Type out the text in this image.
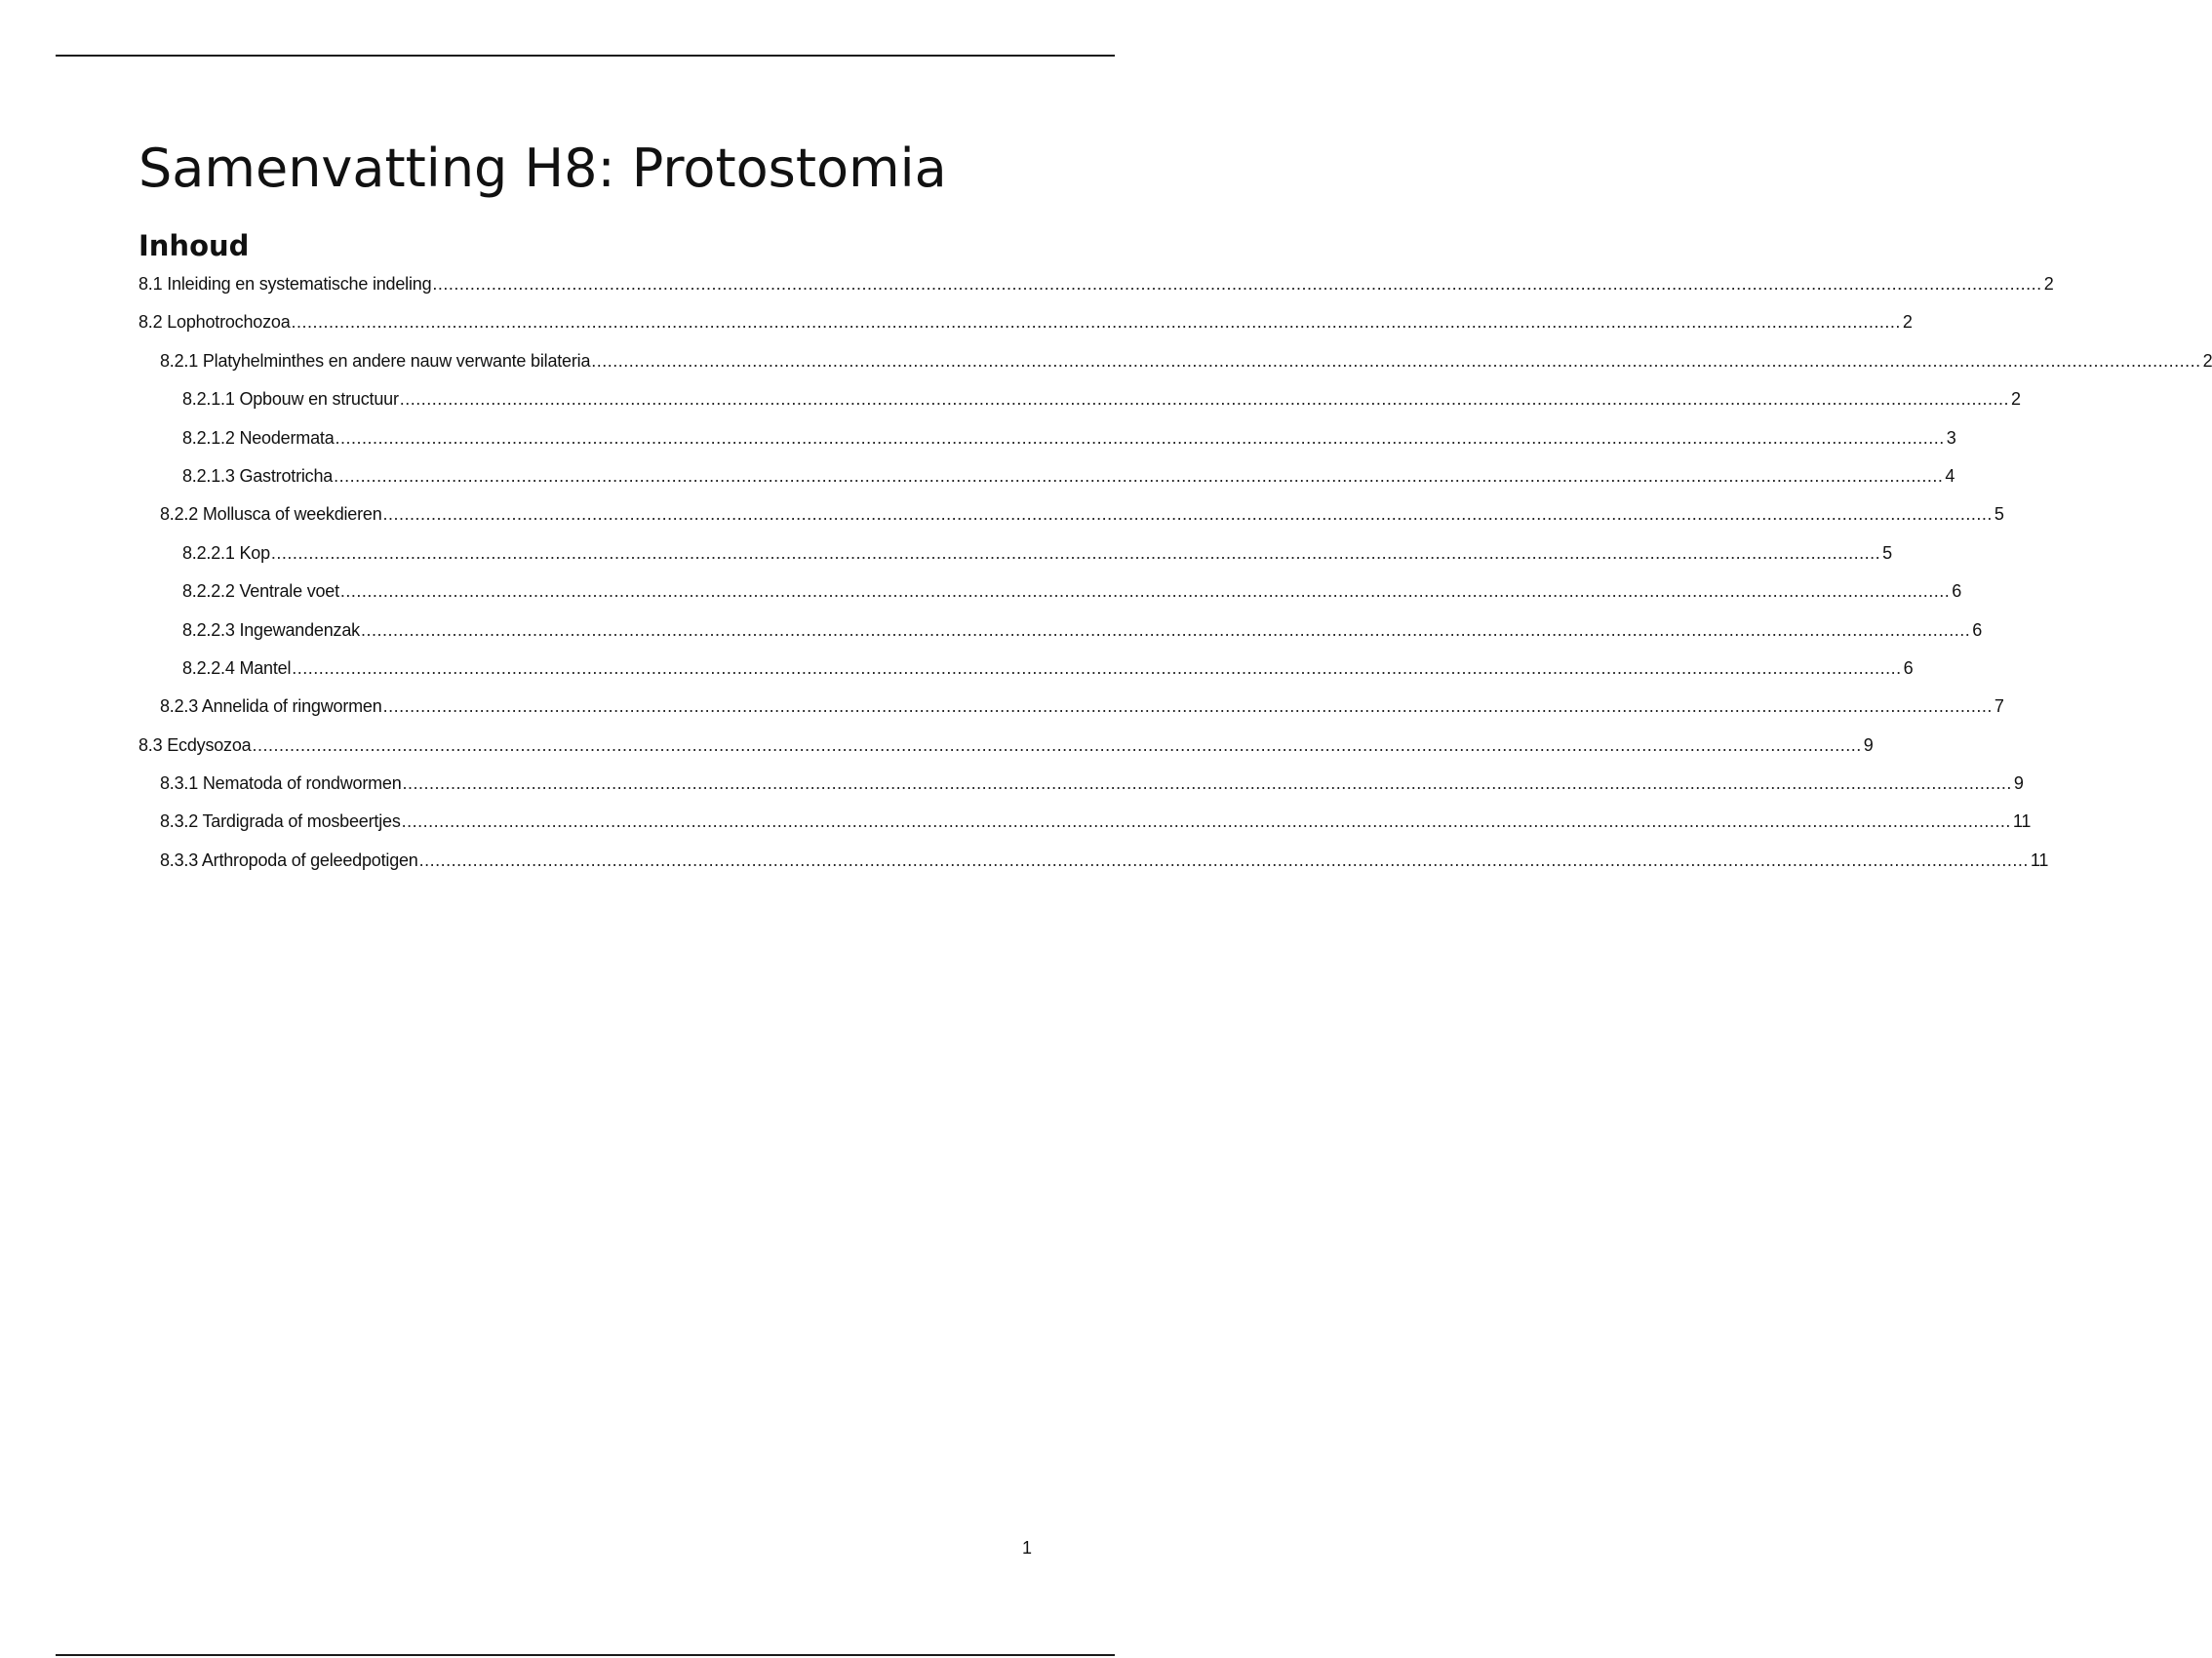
Samenvatting H8: Protostomia
Inhoud
8.1 Inleiding en systematische indeling ............................................................................................................................................................................................................................................................................................................ 2
8.2 Lophotrochozoa ............................................................................................................................................................................................................................................................................................................ 2
8.2.1 Platyhelminthes en andere nauw verwante bilateria ............................................................................................................................................................................................................................................................................................................ 2
8.2.1.1 Opbouw en structuur ............................................................................................................................................................................................................................................................................................................ 2
8.2.1.2 Neodermata ............................................................................................................................................................................................................................................................................................................ 3
8.2.1.3 Gastrotricha ............................................................................................................................................................................................................................................................................................................ 4
8.2.2 Mollusca of weekdieren ............................................................................................................................................................................................................................................................................................................ 5
8.2.2.1 Kop ............................................................................................................................................................................................................................................................................................................ 5
8.2.2.2 Ventrale voet ............................................................................................................................................................................................................................................................................................................ 6
8.2.2.3 Ingewandenzak ............................................................................................................................................................................................................................................................................................................ 6
8.2.2.4 Mantel ............................................................................................................................................................................................................................................................................................................ 6
8.2.3 Annelida of ringwormen ............................................................................................................................................................................................................................................................................................................ 7
8.3 Ecdysozoa ............................................................................................................................................................................................................................................................................................................ 9
8.3.1 Nematoda of rondwormen ............................................................................................................................................................................................................................................................................................................ 9
8.3.2 Tardigrada of mosbeertjes ............................................................................................................................................................................................................................................................................................................ 11
8.3.3 Arthropoda of geleedpotigen ............................................................................................................................................................................................................................................................................................................ 11
1
